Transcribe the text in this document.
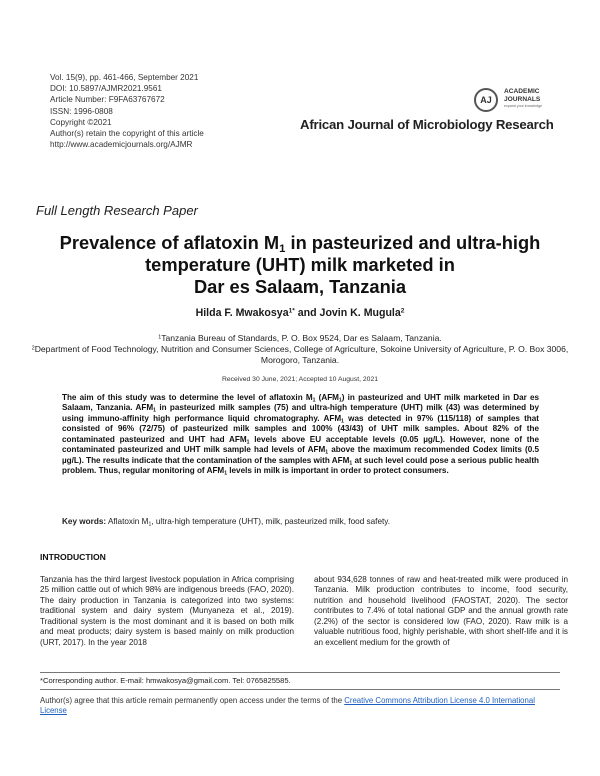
Vol. 15(9), pp. 461-466, September 2021
DOI: 10.5897/AJMR2021.9561
Article Number: F9FA63767672
ISSN: 1996-0808
Copyright ©2021
Author(s) retain the copyright of this article
http://www.academicjournals.org/AJMR
AJ
ACADEMIC
JOURNALS
expand your knowledge
African Journal of Microbiology Research
Full Length Research Paper
Prevalence of aflatoxin $M_1$ in pasteurized and ultra-high
temperature (UHT) milk marketed in
Dar es Salaam, Tanzania
Hilda F. Mwakosya$^{1*}$ and Jovin K. Mugula$^2$
$^1$Tanzania Bureau of Standards, P. O. Box 9524, Dar es Salaam, Tanzania.
$^2$Department of Food Technology, Nutrition and Consumer Sciences, College of Agriculture, Sokoine University of Agriculture, P. O. Box 3006, Morogoro, Tanzania.
Received 30 June, 2021; Accepted 10 August, 2021

The aim of this study was to determine the level of aflatoxin $M_1$ $(AFM_1)$ in pasteurized and UHT milk marketed in Dar es Salaam, Tanzania. $AFM_1$ in pasteurized milk samples (75) and ultra-high temperature (UHT) milk (43) was determined by using immuno-affinity high performance liquid chromatography. $AFM_1$ was detected in 97% (115/118) of samples that consisted of 96% (72/75) of pasteurized milk samples and 100% (43/43) of UHT milk samples. About 82% of the contaminated pasteurized and UHT had $AFM_1$ levels above EU acceptable levels (0.05 µg/L). However, none of the contaminated pasteurized and UHT milk sample had levels of $AFM_1$ above the maximum recommended Codex limits (0.5 µg/L). The results indicate that the contamination of the samples with $AFM_1$ at such level could pose a serious public health problem. Thus, regular monitoring of $AFM_1$ levels in milk is important in order to protect consumers.

Key words: Aflatoxin $M_1$, ultra-high temperature (UHT), milk, pasteurized milk, food safety.
INTRODUCTION

Tanzania has the third largest livestock population in Africa comprising 25 million cattle out of which 98% are indigenous breeds (FAO, 2020). The dairy production in Tanzania is categorized into two systems: traditional system and dairy system (Munyaneza et al., 2019). Traditional system is the most dominant and it is based on both milk and meat products; dairy system is based mainly on milk production (URT, 2017). In the year 2018

about 934,628 tonnes of raw and heat-treated milk were produced in Tanzania. Milk production contributes to income, food security, nutrition and household livelihood (FAOSTAT, 2020). The sector contributes to 7.4% of total national GDP and the annual growth rate (2.2%) of the sector is considered low (FAO, 2020). Raw milk is a valuable nutritious food, highly perishable, with short shelf-life and it is an excellent medium for the growth of

*Corresponding author. E-mail: hmwakosya@gmail.com. Tel: 0765825585.
Author(s) agree that this article remain permanently open access under the terms of the Creative Commons Attribution License 4.0 International License
